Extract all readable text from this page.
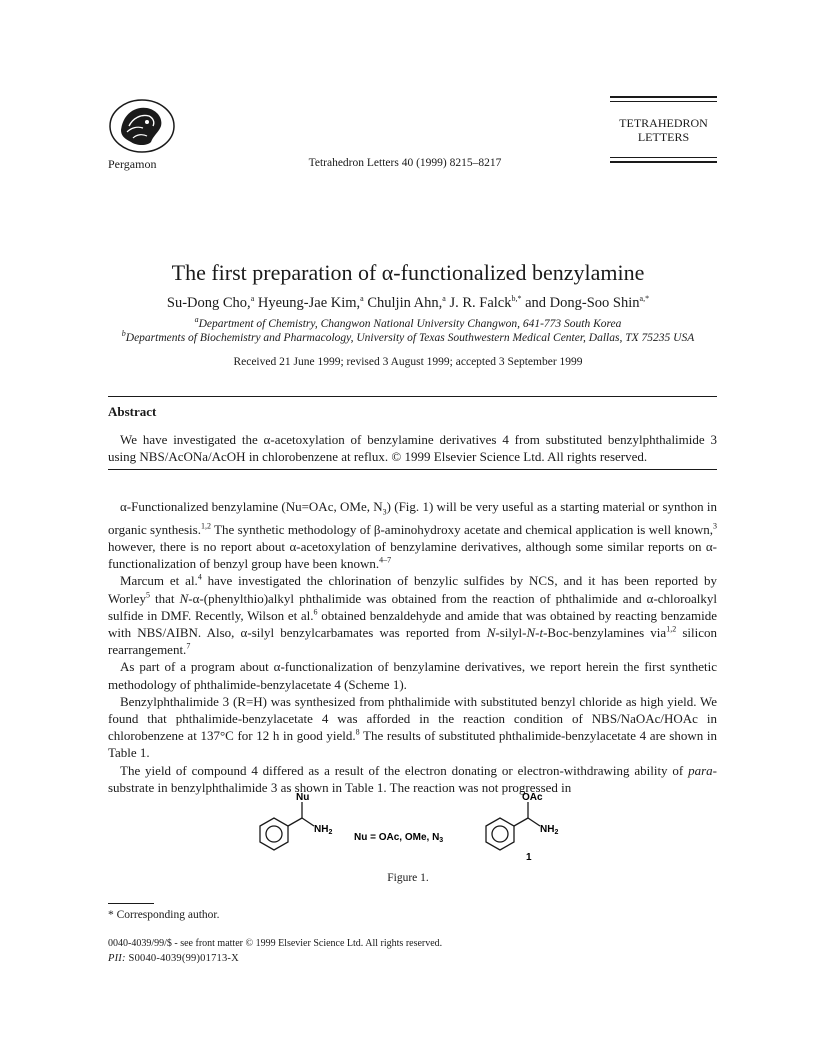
Pergamon	Tetrahedron Letters 40 (1999) 8215–8217
TETRAHEDRON
LETTERS
The first preparation of α-functionalized benzylamine
Su-Dong Cho,$^a$ Hyeung-Jae Kim,$^a$ Chuljin Ahn,$^a$ J. R. Falck$^{b,*}$ and Dong-Soo Shin$^{a,*}$
$^a$Department of Chemistry, Changwon National University Changwon, 641-773 South Korea
$^b$Departments of Biochemistry and Pharmacology, University of Texas Southwestern Medical Center, Dallas, TX 75235 USA
Received 21 June 1999; revised 3 August 1999; accepted 3 September 1999
Abstract
We have investigated the α-acetoxylation of benzylamine derivatives 4 from substituted benzylphthalimide 3 using NBS/AcONa/AcOH in chlorobenzene at reflux. © 1999 Elsevier Science Ltd. All rights reserved.

α-Functionalized benzylamine (Nu=OAc, OMe, $N_3$) (Fig. 1) will be very useful as a starting material or synthon in organic synthesis.$^{1,2}$ The synthetic methodology of β-aminohydroxy acetate and chemical application is well known,$^3$ however, there is no report about α-acetoxylation of benzylamine derivatives, although some similar reports on α-functionalization of benzyl group have been known.$^{4-7}$

Marcum et al.$^4$ have investigated the chlorination of benzylic sulfides by NCS, and it has been reported by Worley$^5$ that N-α-(phenylthio)alkyl phthalimide was obtained from the reaction of phthalimide and α-chloroalkyl sulfide in DMF. Recently, Wilson et al.$^6$ obtained benzaldehyde and amide that was obtained by reacting benzamide with NBS/AIBN. Also, α-silyl benzylcarbamates was reported from N-silyl-N-t-Boc-benzylamines via$^{1,2}$ silicon rearrangement.$^7$

As part of a program about α-functionalization of benzylamine derivatives, we report herein the first synthetic methodology of phthalimide-benzylacetate 4 (Scheme 1).

Benzylphthalimide 3 (R=H) was synthesized from phthalimide with substituted benzyl chloride as high yield. We found that phthalimide-benzylacetate 4 was afforded in the reaction condition of NBS/NaOAc/HOAc in chlorobenzene at 137°C for 12 h in good yield.$^8$ The results of substituted phthalimide-benzylacetate 4 are shown in Table 1.

The yield of compound 4 differed as a result of the electron donating or electron-withdrawing ability of para-substrate in benzylphthalimide 3 as shown in Table 1. The reaction was not progressed in

Nu
$NH_2$ Nu = OAc, OMe, $N_3$
OAc
$NH_2$
1
Figure 1.
* Corresponding author.
0040-4039/99/$ - see front matter © 1999 Elsevier Science Ltd. All rights reserved.
PII: S0040-4039(99)01713-X
